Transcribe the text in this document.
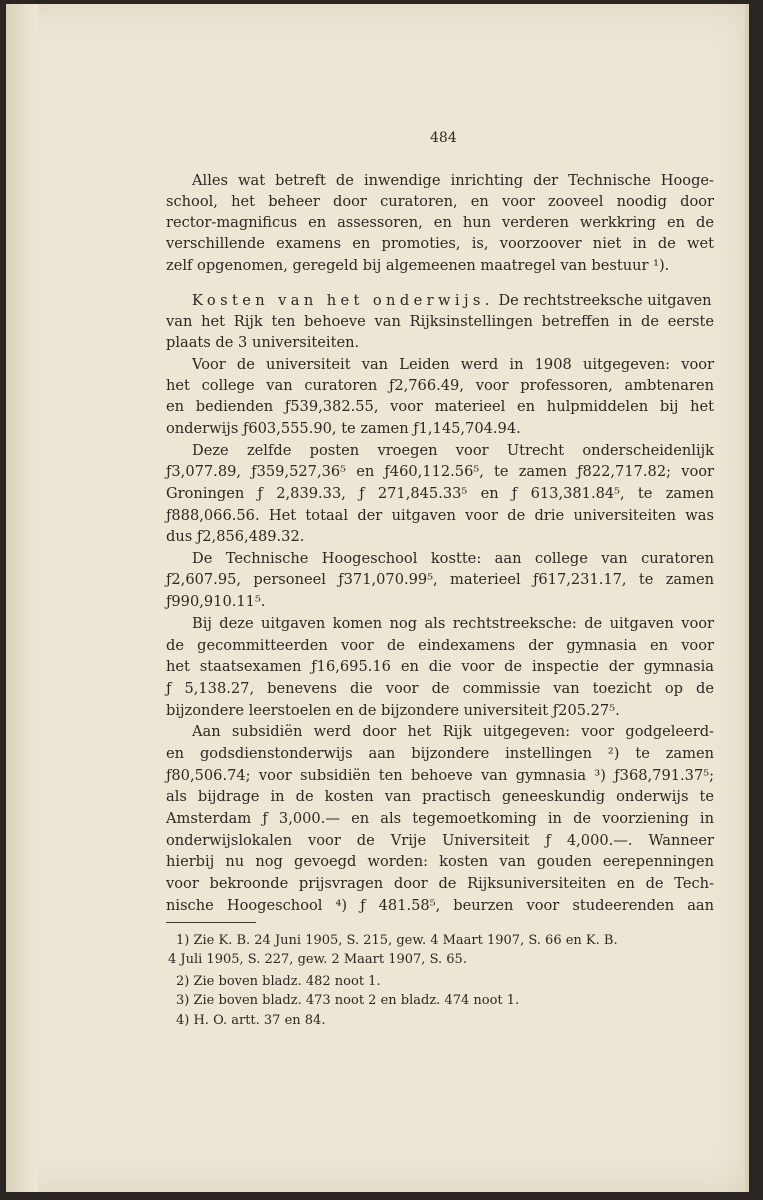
484
Alles wat betreft de inwendige inrichting der Technische Hooge-
school, het beheer door curatoren, en voor zooveel noodig door
rector-magnificus en assessoren, en hun verderen werkkring en de
verschillende examens en promoties, is, voorzoover niet in de wet
zelf opgenomen, geregeld bij algemeenen maatregel van bestuur ¹).
Kosten van het onderwijs. De rechtstreeksche uitgaven
van het Rijk ten behoeve van Rijksinstellingen betreffen in de eerste
plaats de 3 universiteiten.
Voor de universiteit van Leiden werd in 1908 uitgegeven: voor
het college van curatoren ƒ2,766.49, voor professoren, ambtenaren
en bedienden ƒ539,382.55, voor materieel en hulpmiddelen bij het
onderwijs ƒ603,555.90, te zamen ƒ1,145,704.94.
Deze zelfde posten vroegen voor Utrecht onderscheidenlijk
ƒ3,077.89, ƒ359,527,36⁵ en ƒ460,112.56⁵, te zamen ƒ822,717.82; voor
Groningen ƒ 2,839.33, ƒ 271,845.33⁵ en ƒ 613,381.84⁵, te zamen
ƒ888,066.56. Het totaal der uitgaven voor de drie universiteiten was
dus ƒ2,856,489.32.
De Technische Hoogeschool kostte: aan college van curatoren
ƒ2,607.95, personeel ƒ371,070.99⁵, materieel ƒ617,231.17, te zamen
ƒ990,910.11⁵.
Bij deze uitgaven komen nog als rechtstreeksche: de uitgaven voor
de gecommitteerden voor de eindexamens der gymnasia en voor
het staatsexamen ƒ16,695.16 en die voor de inspectie der gymnasia
ƒ 5,138.27, benevens die voor de commissie van toezicht op de
bijzondere leerstoelen en de bijzondere universiteit ƒ205.27⁵.
Aan subsidiën werd door het Rijk uitgegeven: voor godgeleerd-
en godsdienstonderwijs aan bijzondere instellingen ²) te zamen
ƒ80,506.74; voor subsidiën ten behoeve van gymnasia ³) ƒ368,791.37⁵;
als bijdrage in de kosten van practisch geneeskundig onderwijs te
Amsterdam ƒ 3,000.— en als tegemoetkoming in de voorziening in
onderwijslokalen voor de Vrije Universiteit ƒ 4,000.—. Wanneer
hierbij nu nog gevoegd worden: kosten van gouden eerepenningen
voor bekroonde prijsvragen door de Rijksuniversiteiten en de Tech-
nische Hoogeschool ⁴) ƒ 481.58⁵, beurzen voor studeerenden aan
1) Zie K. B. 24 Juni 1905, S. 215, gew. 4 Maart 1907, S. 66 en K. B.
4 Juli 1905, S. 227, gew. 2 Maart 1907, S. 65.
2) Zie boven bladz. 482 noot 1.
3) Zie boven bladz. 473 noot 2 en bladz. 474 noot 1.
4) H. O. artt. 37 en 84.
